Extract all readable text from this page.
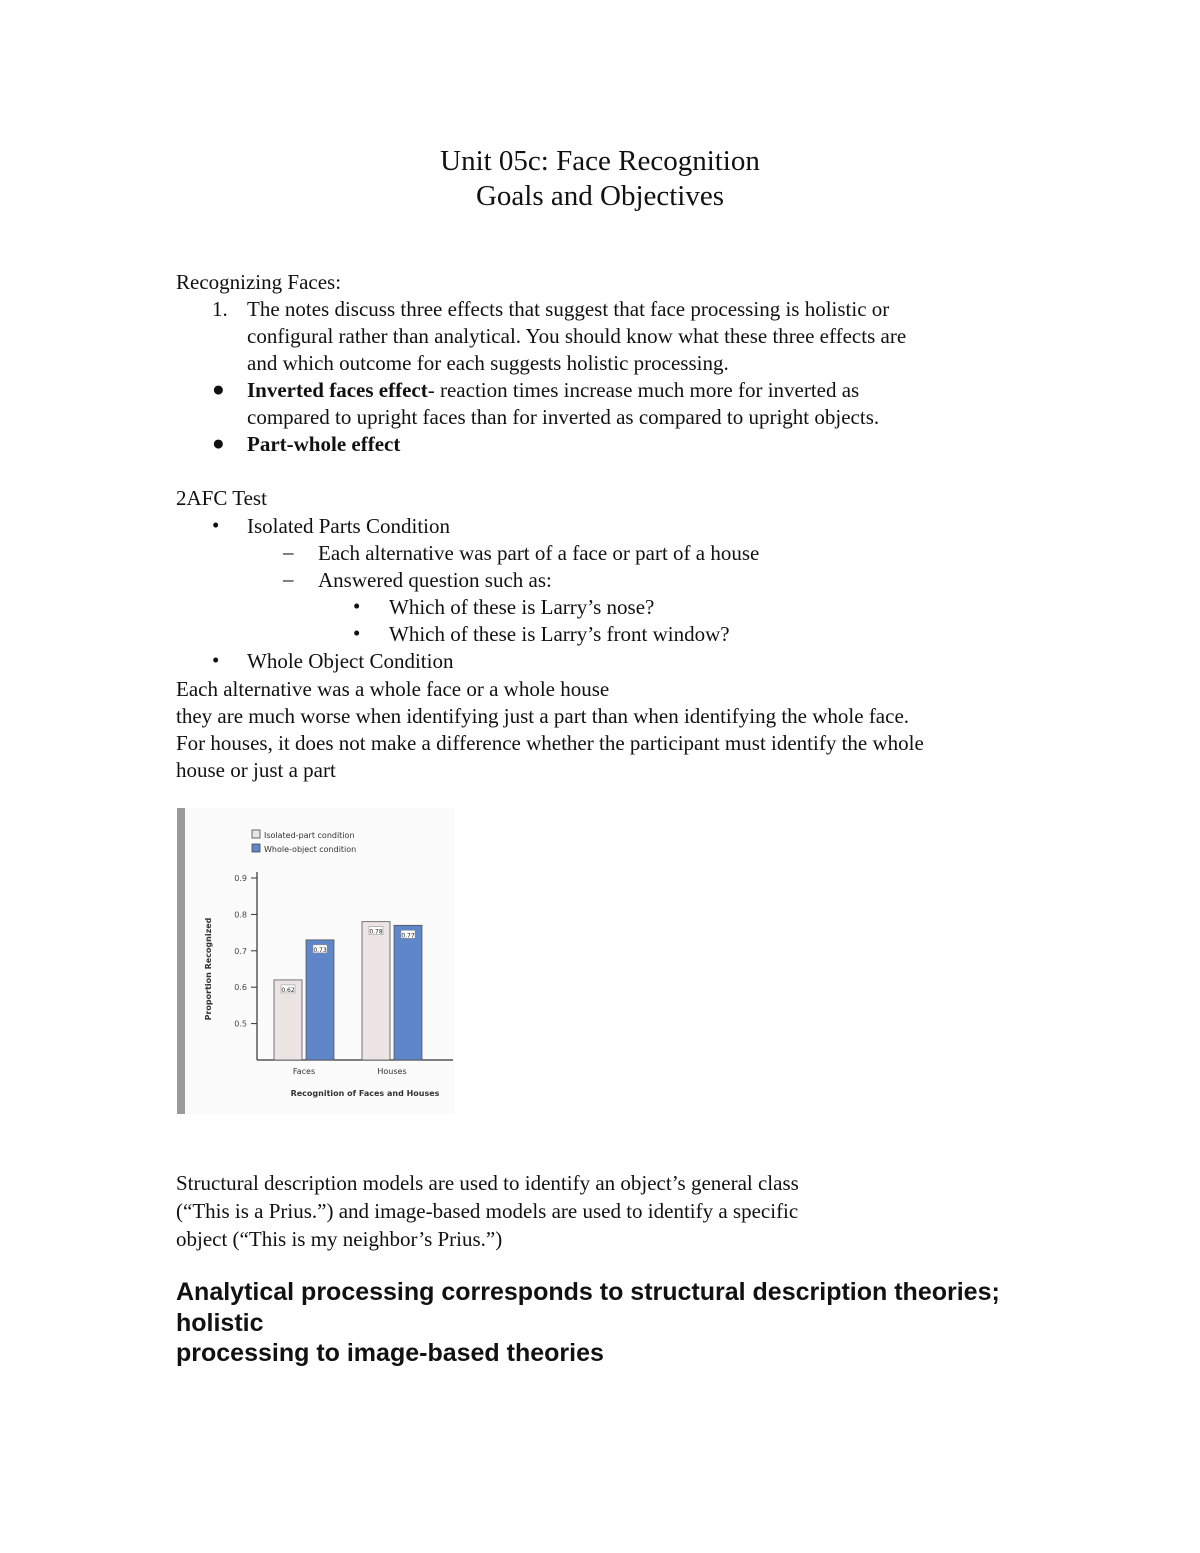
Unit 05c: Face Recognition
Goals and Objectives
Recognizing Faces:
1. The notes discuss three effects that suggest that face processing is holistic or
configural rather than analytical. You should know what these three effects are
and which outcome for each suggests holistic processing.
● Inverted faces effect- reaction times increase much more for inverted as
compared to upright faces than for inverted as compared to upright objects.
● Part-whole effect
2AFC Test
• Isolated Parts Condition
– Each alternative was part of a face or part of a house
– Answered question such as:
• Which of these is Larry’s nose?
• Which of these is Larry’s front window?
• Whole Object Condition
Each alternative was a whole face or a whole house
they are much worse when identifying just a part than when identifying the whole face.
For houses, it does not make a difference whether the participant must identify the whole
house or just a part
0.9
0.8
0.7
0.6
0.5
Proportion Recognized	0.62
0.73
Faces
0.78
0.77
Houses
Recognition of Faces and Houses
Isolated-part condition
Whole-object condition
Structural description models are used to identify an object’s general class
(“This is a Prius.”) and image-based models are used to identify a specific
object (“This is my neighbor’s Prius.”)
Analytical processing corresponds to structural description theories;
holistic
processing to image-based theories
